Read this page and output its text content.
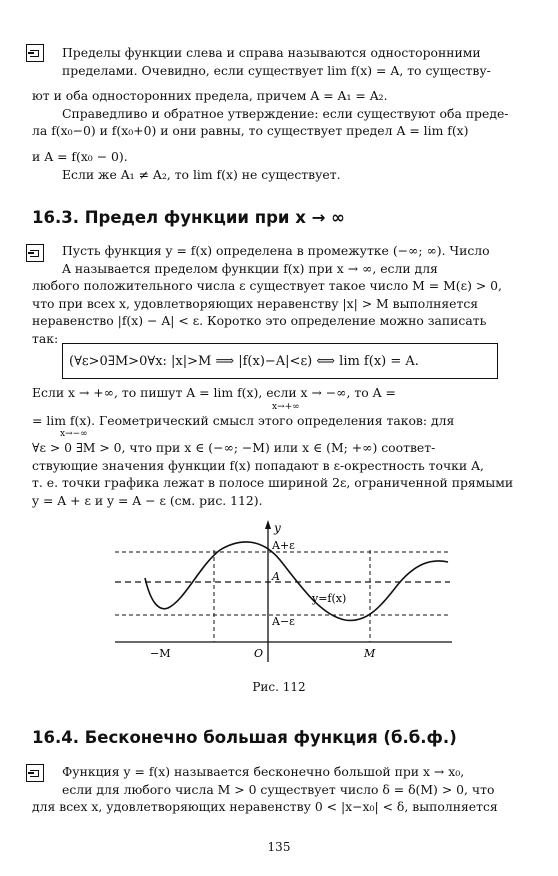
Пределы функции слева и справа называются односторонними
пределами. Очевидно, если существует lim f(x) = A, то существу-
ют и оба односторонних предела, причем A = A₁ = A₂.
Справедливо и обратное утверждение: если существуют оба преде-
ла f(x₀−0) и f(x₀+0) и они равны, то существует предел A = lim f(x)
и A = f(x₀ − 0).
Если же A₁ ≠ A₂, то lim f(x) не существует.
16.3. Предел функции при x → ∞
Пусть функция y = f(x) определена в промежутке (−∞; ∞). Число
A называется пределом функции f(x) при x → ∞, если для
любого положительного числа ε существует такое число M = M(ε) > 0,
что при всех x, удовлетворяющих неравенству |x| > M выполняется
неравенство |f(x) − A| < ε. Коротко это определение можно записать
так:
(∀ε>0∃M>0∀x: |x|>M ⟹ |f(x)−A|<ε) ⟺ lim f(x) = A.
Если x → +∞, то пишут A = lim f(x), если x → −∞, то A =
x→+∞
= lim f(x). Геометрический смысл этого определения таков: для
x→−∞
∀ε > 0 ∃M > 0, что при x ∈ (−∞; −M) или x ∈ (M; +∞) соответ-
ствующие значения функции f(x) попадают в ε-окрестность точки A,
т. е. точки графика лежат в полосе шириной 2ε, ограниченной прямыми
y = A + ε и y = A − ε (см. рис. 112).
y
A+ε
A
y=f(x)
A−ε
−M	O	M
Рис. 112
16.4. Бесконечно большая функция (б.б.ф.)
Функция y = f(x) называется бесконечно большой при x → x₀,
если для любого числа M > 0 существует число δ = δ(M) > 0, что
для всех x, удовлетворяющих неравенству 0 < |x−x₀| < δ, выполняется
135
